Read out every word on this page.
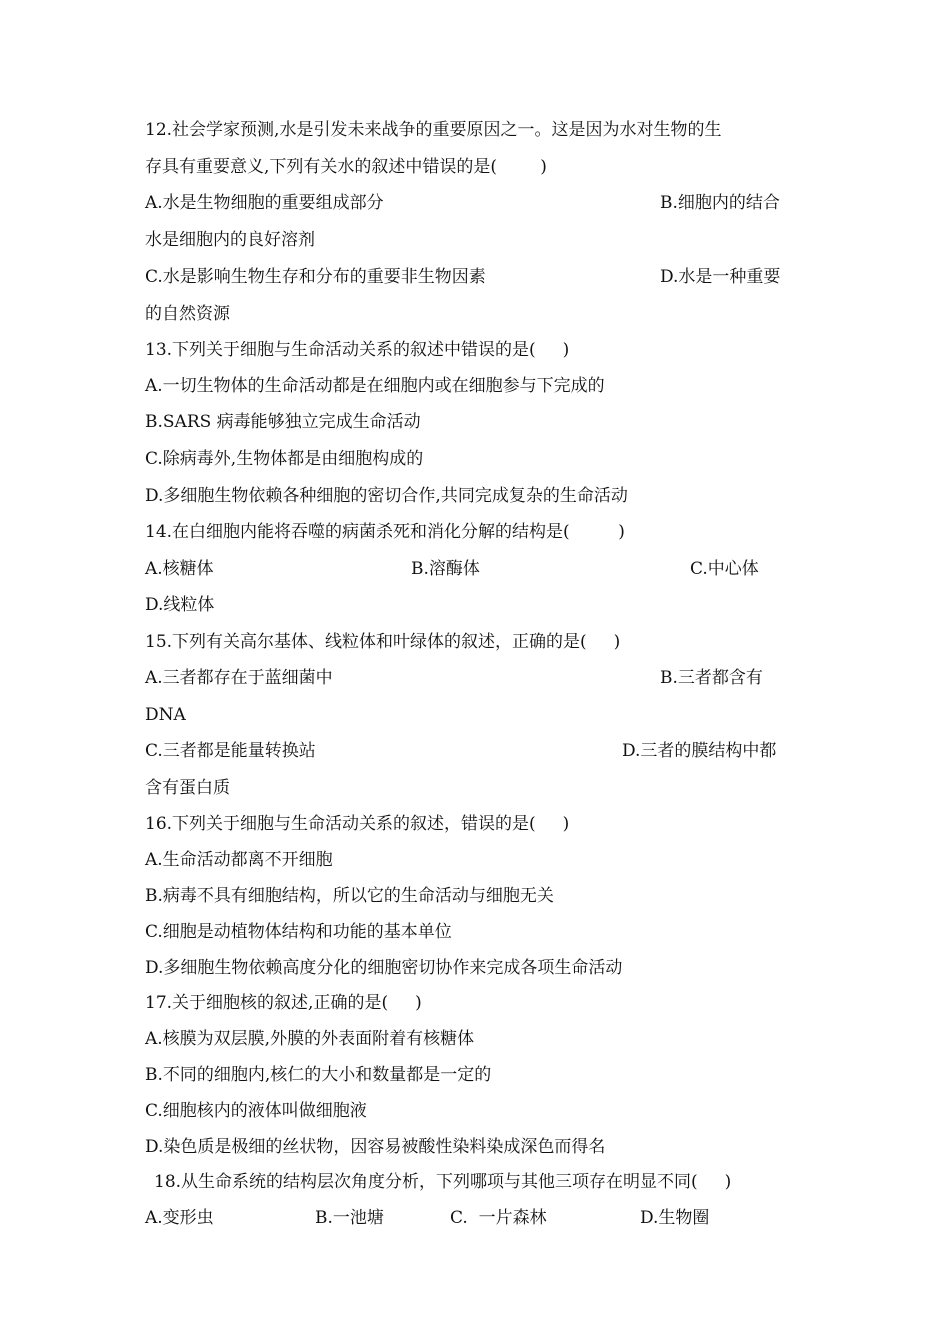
12.社会学家预测,水是引发未来战争的重要原因之一。这是因为水对生物的生
存具有重要意义,下列有关水的叙述中错误的是(        )
A.水是生物细胞的重要组成部分	B.细胞内的结合
水是细胞内的良好溶剂
C.水是影响生物生存和分布的重要非生物因素	D.水是一种重要
的自然资源
13.下列关于细胞与生命活动关系的叙述中错误的是(     )
A.一切生物体的生命活动都是在细胞内或在细胞参与下完成的
B.SARS 病毒能够独立完成生命活动
C.除病毒外,生物体都是由细胞构成的
D.多细胞生物依赖各种细胞的密切合作,共同完成复杂的生命活动
14.在白细胞内能将吞噬的病菌杀死和消化分解的结构是(         )
A.核糖体	B.溶酶体	C.中心体
D.线粒体
15.下列有关高尔基体、线粒体和叶绿体的叙述，正确的是(     )
A.三者都存在于蓝细菌中	B.三者都含有
DNA
C.三者都是能量转换站	D.三者的膜结构中都
含有蛋白质
16.下列关于细胞与生命活动关系的叙述，错误的是(     )
A.生命活动都离不开细胞
B.病毒不具有细胞结构，所以它的生命活动与细胞无关
C.细胞是动植物体结构和功能的基本单位
D.多细胞生物依赖高度分化的细胞密切协作来完成各项生命活动
17.关于细胞核的叙述,正确的是(     )
A.核膜为双层膜,外膜的外表面附着有核糖体
B.不同的细胞内,核仁的大小和数量都是一定的
C.细胞核内的液体叫做细胞液
D.染色质是极细的丝状物，因容易被酸性染料染成深色而得名
18.从生命系统的结构层次角度分析，下列哪项与其他三项存在明显不同(     )
A.变形虫	B.一池塘	C.  一片森林	D.生物圈
